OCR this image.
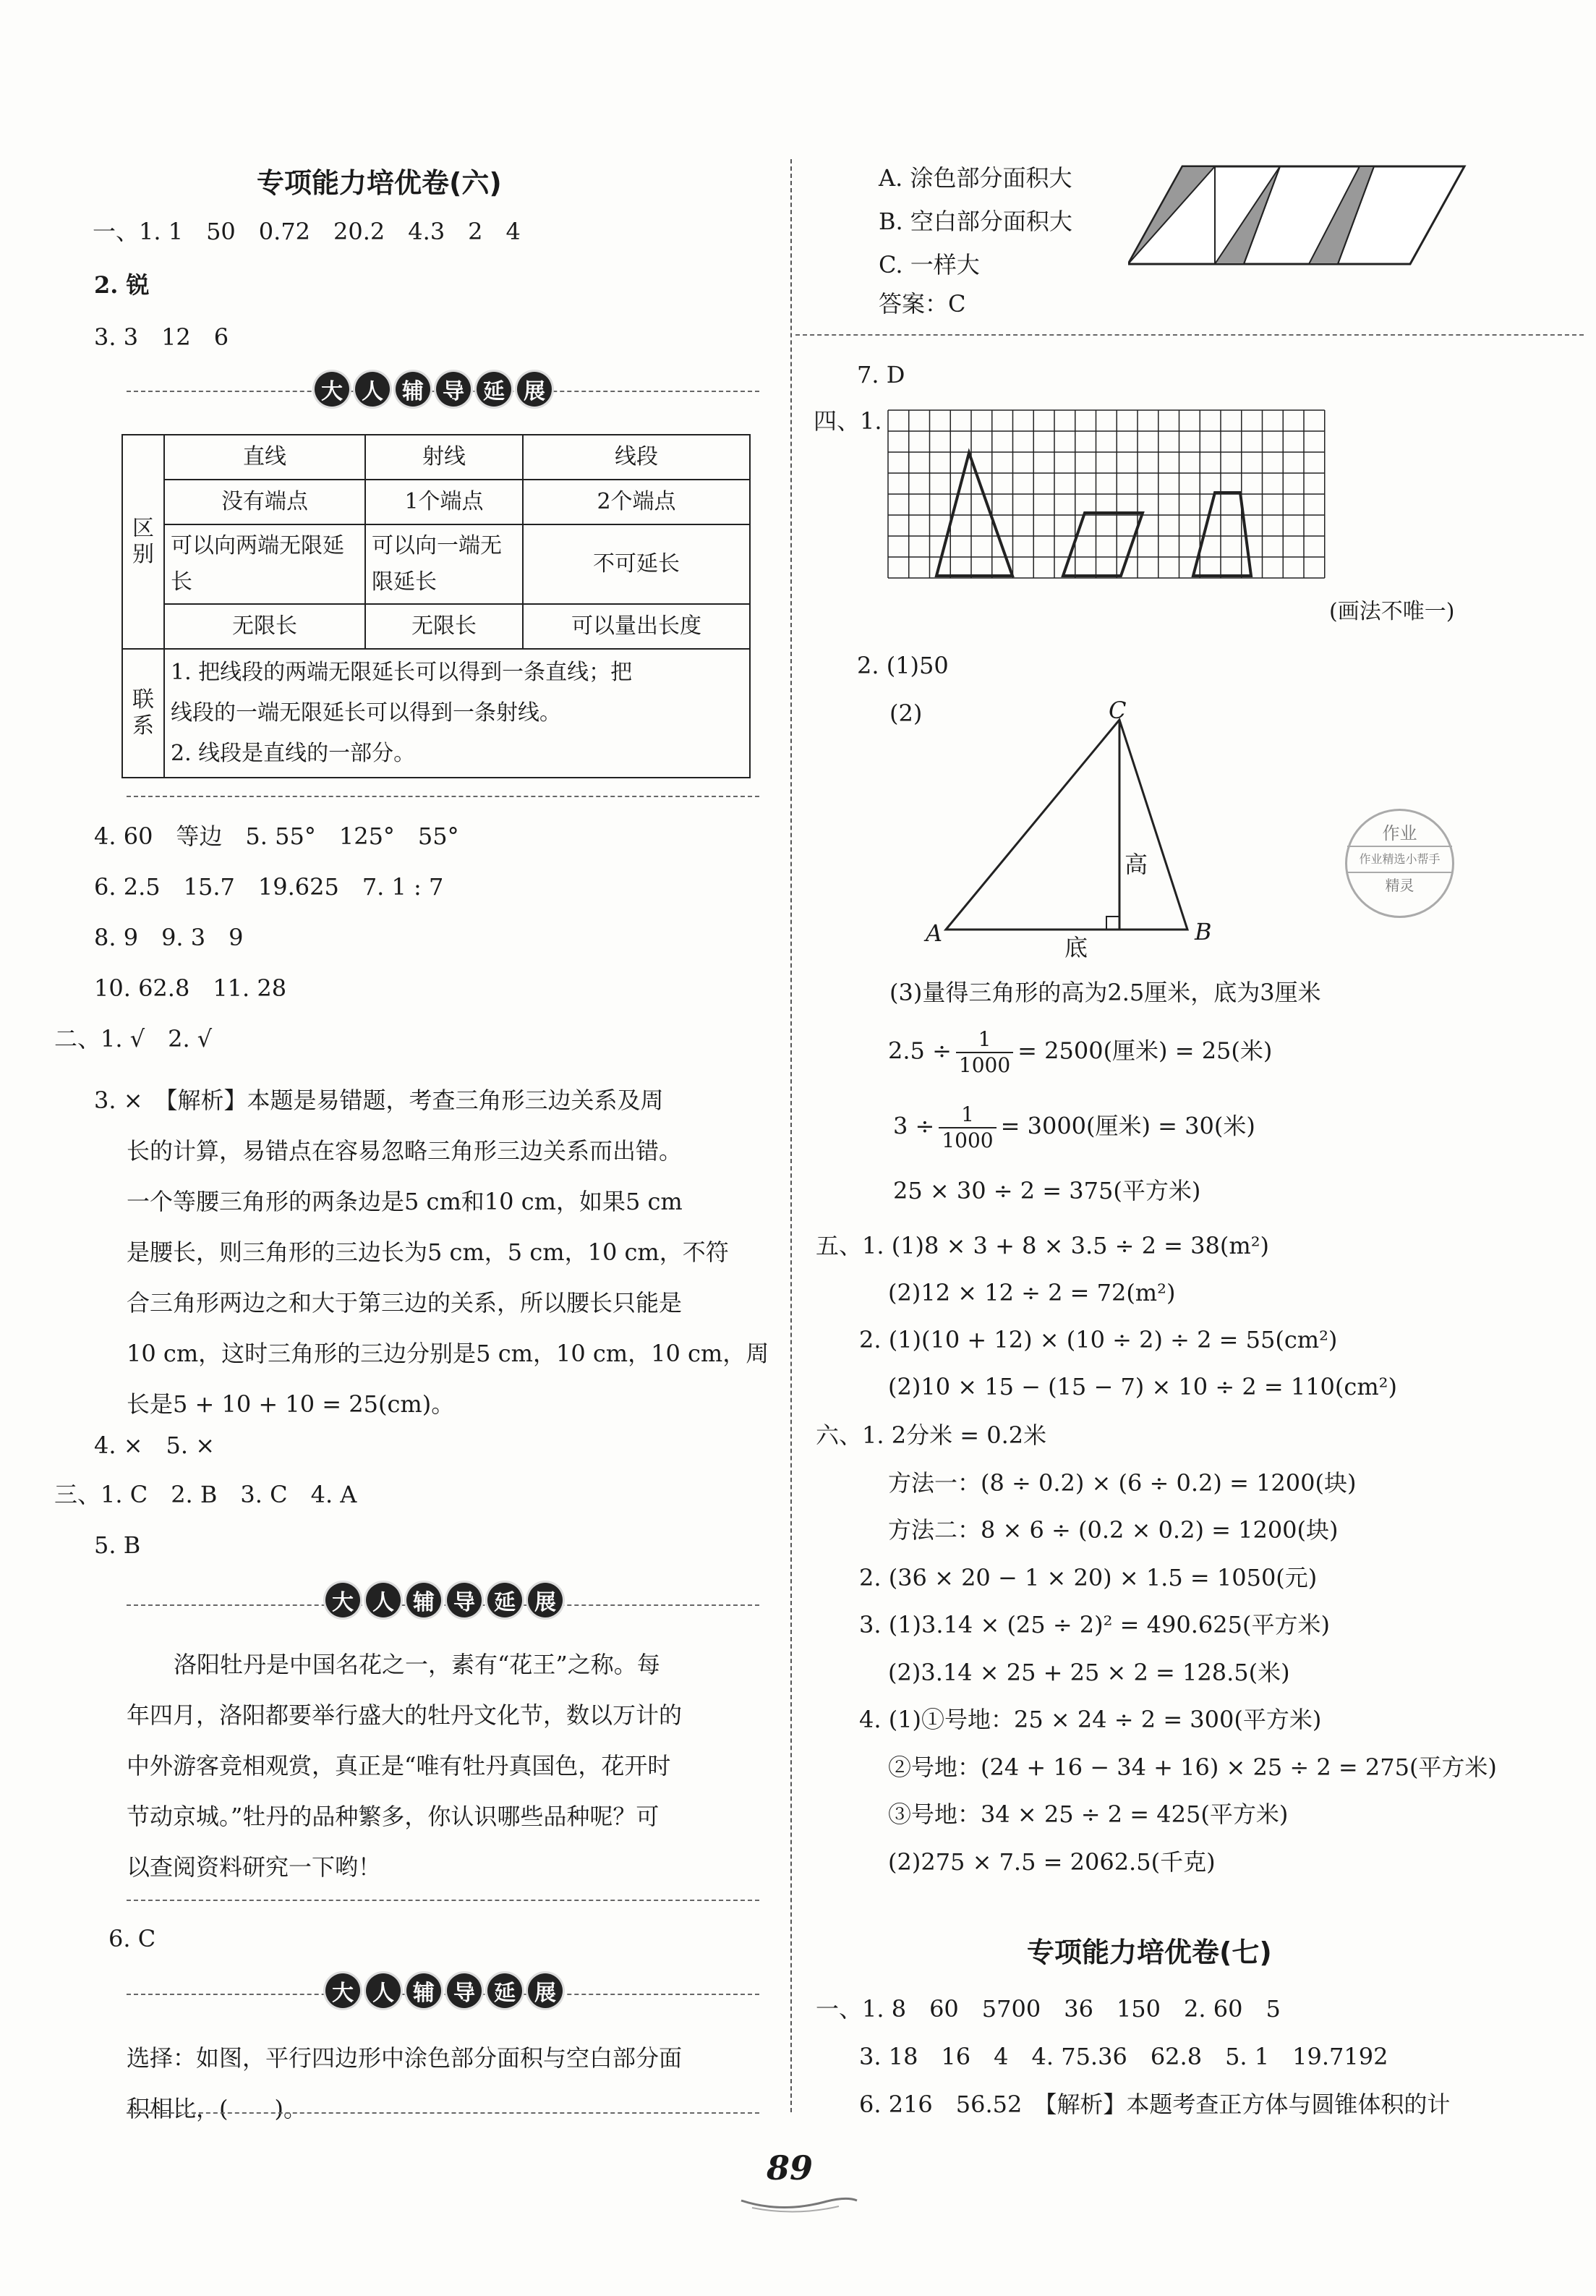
专项能力培优卷(六)
一、1. 1　50　0.72　20.2　4.3　2　4
2. 锐
3. 3　12　6
大 人 辅 导 延 展
区别	直线	射线	线段
	没有端点	1个端点	2个端点
	可以向两端无限延长	可以向一端无限延长	不可延长
	无限长	无限长	可以量出长度
联系	1. 把线段的两端无限延长可以得到一条直线；把
线段的一端无限延长可以得到一条射线。
2. 线段是直线的一部分。		
4. 60　等边　5. 55°　125°　55°
6. 2.5　15.7　19.625　7. 1 : 7
8. 9　9. 3　9
10. 62.8　11. 28
二、1. √　2. √
3. ×　【解析】本题是易错题，考查三角形三边关系及周
长的计算，易错点在容易忽略三角形三边关系而出错。
一个等腰三角形的两条边是5 cm和10 cm，如果5 cm
是腰长，则三角形的三边长为5 cm，5 cm，10 cm，不符
合三角形两边之和大于第三边的关系，所以腰长只能是
10 cm，这时三角形的三边分别是5 cm，10 cm，10 cm，周
长是5 + 10 + 10 = 25(cm)。
4. ×　5. ×
三、1. C　2. B　3. C　4. A
5. B
大 人 辅 导 延 展
洛阳牡丹是中国名花之一，素有“花王”之称。每
年四月，洛阳都要举行盛大的牡丹文化节，数以万计的
中外游客竞相观赏，真正是“唯有牡丹真国色，花开时
节动京城。”牡丹的品种繁多，你认识哪些品种呢？可
以查阅资料研究一下哟！
6. C
大 人 辅 导 延 展
选择：如图，平行四边形中涂色部分面积与空白部分面
积相比，(　　)。
A. 涂色部分面积大
B. 空白部分面积大
C. 一样大
答案：C
7. D
四、1.
(画法不唯一)
2. (1)50
(2)	C
A	B
高
底
作业
作业精选小帮手
精灵
(3)量得三角形的高为2.5厘米，底为3厘米
$2.5 \div \frac{1}{1000} = 2500$(厘米) = 25(米)
$3 \div \frac{1}{1000} = 3000$(厘米) = 30(米)
25 × 30 ÷ 2 = 375(平方米)
五、1. (1)8 × 3 + 8 × 3.5 ÷ 2 = 38(m²)
(2)12 × 12 ÷ 2 = 72(m²)
2. (1)(10 + 12) × (10 ÷ 2) ÷ 2 = 55(cm²)
(2)10 × 15 − (15 − 7) × 10 ÷ 2 = 110(cm²)
六、1. 2分米 = 0.2米
方法一：(8 ÷ 0.2) × (6 ÷ 0.2) = 1200(块)
方法二：8 × 6 ÷ (0.2 × 0.2) = 1200(块)
2. (36 × 20 − 1 × 20) × 1.5 = 1050(元)
3. (1)3.14 × (25 ÷ 2)² = 490.625(平方米)
(2)3.14 × 25 + 25 × 2 = 128.5(米)
4. (1)①号地：25 × 24 ÷ 2 = 300(平方米)
②号地：(24 + 16 − 34 + 16) × 25 ÷ 2 = 275(平方米)
③号地：34 × 25 ÷ 2 = 425(平方米)
(2)275 × 7.5 = 2062.5(千克)
专项能力培优卷(七)
一、1. 8　60　5700　36　150　2. 60　5
3. 18　16　4　4. 75.36　62.8　5. 1　19.7192
6. 216　56.52　【解析】本题考查正方体与圆锥体积的计
89
